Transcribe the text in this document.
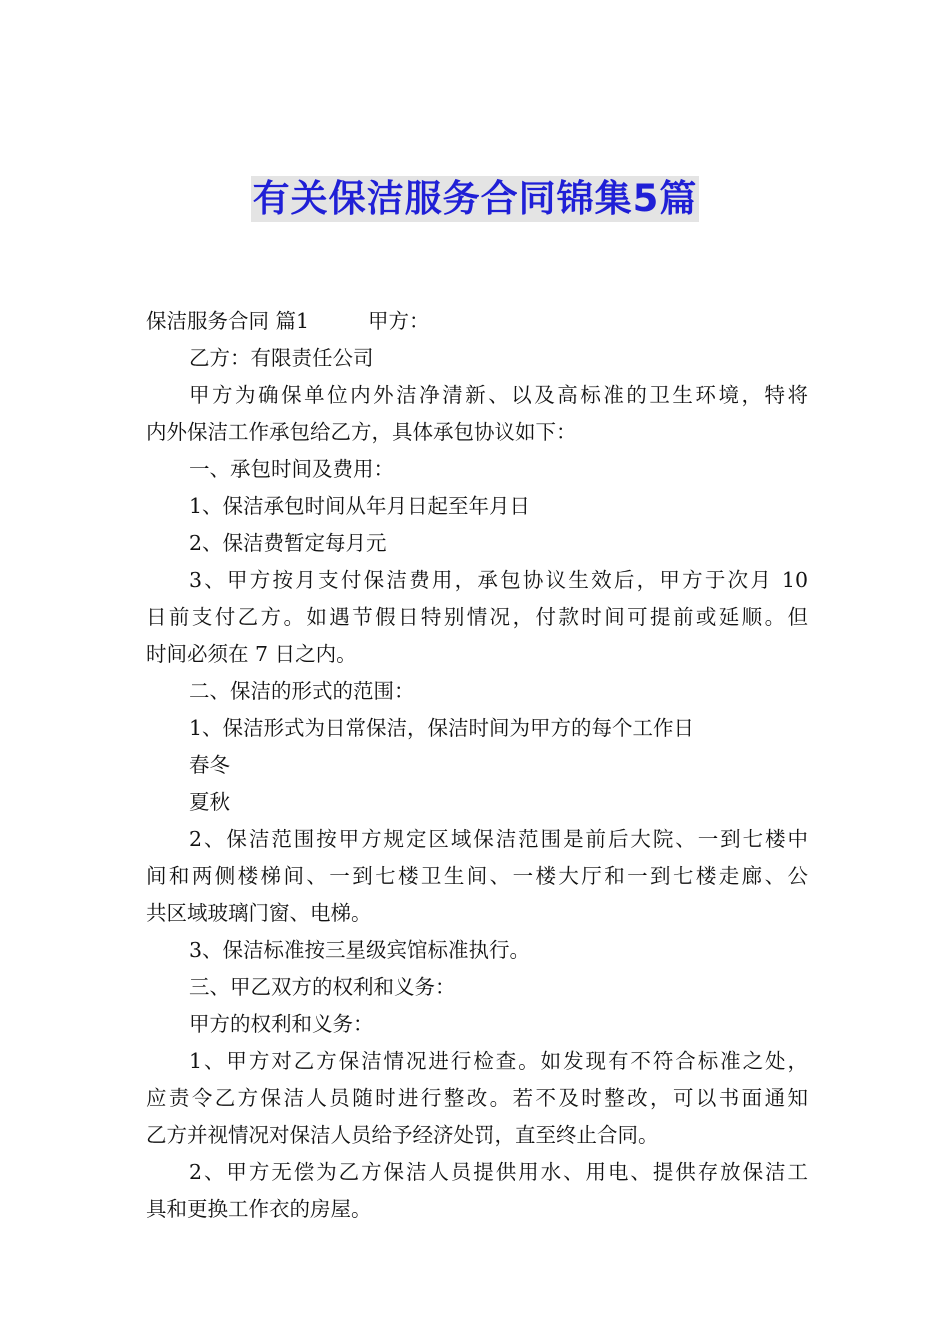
有关保洁服务合同锦集5篇
保洁服务合同 篇1	甲方：
乙方：有限责任公司
甲方为确保单位内外洁净清新、以及高标准的卫生环境，特将
内外保洁工作承包给乙方，具体承包协议如下：
一、承包时间及费用：
1、保洁承包时间从年月日起至年月日
2、保洁费暂定每月元
3、甲方按月支付保洁费用，承包协议生效后，甲方于次月 10
日前支付乙方。如遇节假日特别情况，付款时间可提前或延顺。但
时间必须在 7 日之内。
二、保洁的形式的范围：
1、保洁形式为日常保洁，保洁时间为甲方的每个工作日
春冬
夏秋
2、保洁范围按甲方规定区域保洁范围是前后大院、一到七楼中
间和两侧楼梯间、一到七楼卫生间、一楼大厅和一到七楼走廊、公
共区域玻璃门窗、电梯。
3、保洁标准按三星级宾馆标准执行。
三、甲乙双方的权利和义务：
甲方的权利和义务：
1、甲方对乙方保洁情况进行检查。如发现有不符合标准之处，
应责令乙方保洁人员随时进行整改。若不及时整改，可以书面通知
乙方并视情况对保洁人员给予经济处罚，直至终止合同。
2、甲方无偿为乙方保洁人员提供用水、用电、提供存放保洁工
具和更换工作衣的房屋。
